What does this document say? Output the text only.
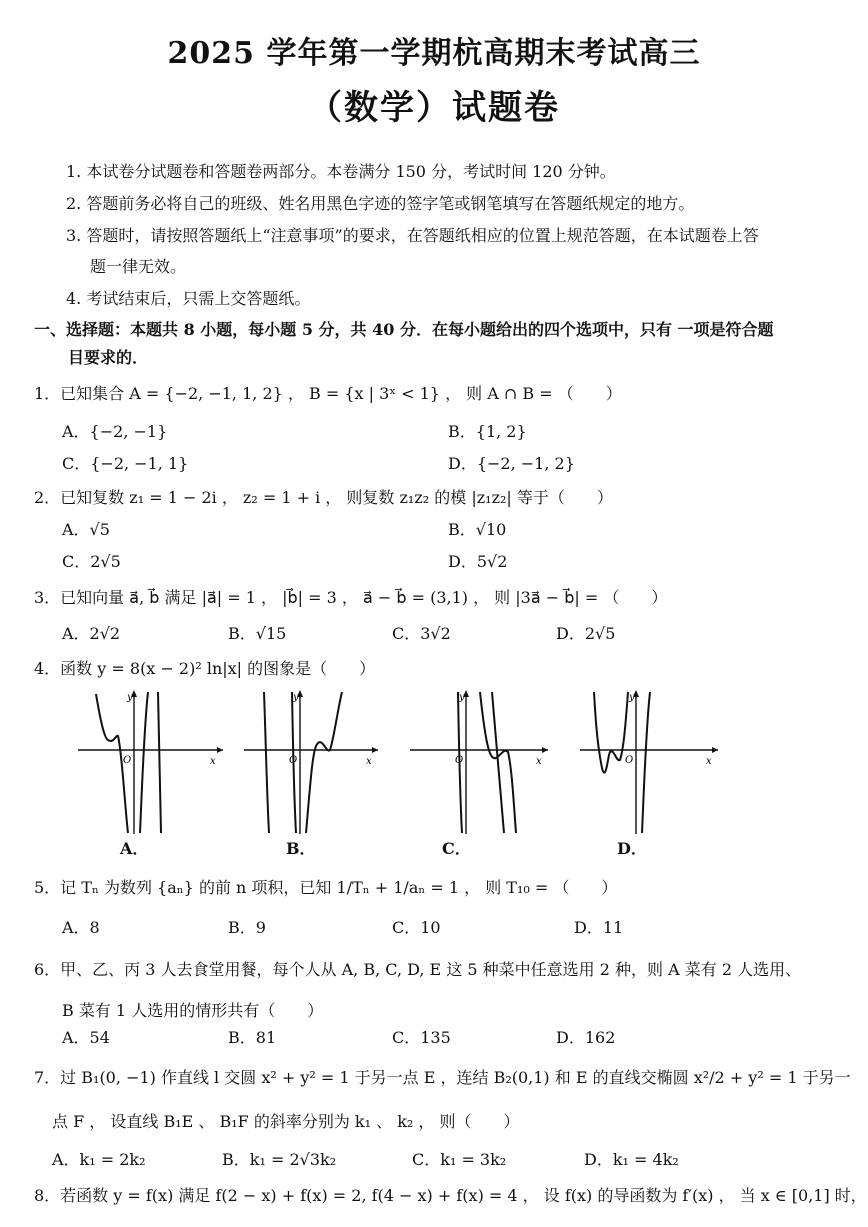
2025 学年第一学期杭高期末考试高三
（数学）试题卷
1. 本试卷分试题卷和答题卷两部分。本卷满分 150 分，考试时间 120 分钟。
2. 答题前务必将自己的班级、姓名用黑色字迹的签字笔或钢笔填写在答题纸规定的地方。
3. 答题时，请按照答题纸上“注意事项”的要求，在答题纸相应的位置上规范答题，在本试题卷上答
题一律无效。
4. 考试结束后，只需上交答题纸。
一、选择题：本题共 8 小题，每小题 5 分，共 40 分．在每小题给出的四个选项中，只有 一项是符合题
目要求的．
1．已知集合 A = {−2, −1, 1, 2} ， B = {x | 3ˣ < 1} ， 则 A ∩ B = （　　）
A．{−2, −1}	B．{1, 2}
C．{−2, −1, 1}	D．{−2, −1, 2}
2．已知复数 z₁ = 1 − 2i ， z₂ = 1 + i ， 则复数 z₁z₂ 的模 |z₁z₂| 等于（　　）
A．√5	B．√10
C．2√5	D．5√2
3．已知向量 a⃗, b⃗ 满足 |a⃗| = 1 ， |b⃗| = 3 ， a⃗ − b⃗ = (3,1) ， 则 |3a⃗ − b⃗| = （　　）
A．2√2	B．√15	C．3√2	D．2√5
4．函数 y = 8(x − 2)² ln|x| 的图象是（　　）
y
x
O
A．
y
x
O
B．
y
x
O
C．
y
x
O
D．
5．记 Tₙ 为数列 {aₙ} 的前 n 项积，已知 1/Tₙ + 1/aₙ = 1 ， 则 T₁₀ = （　　）
A．8	B．9	C．10	D．11
6．甲、乙、丙 3 人去食堂用餐，每个人从 A, B, C, D, E 这 5 种菜中任意选用 2 种，则 A 菜有 2 人选用、
B 菜有 1 人选用的情形共有（　　）
A．54	B．81	C．135	D．162
7．过 B₁(0, −1) 作直线 l 交圆 x² + y² = 1 于另一点 E ，连结 B₂(0,1) 和 E 的直线交椭圆 x²/2 + y² = 1 于另一
点 F ， 设直线 B₁E 、 B₁F 的斜率分别为 k₁ 、 k₂ ， 则（　　）
A．k₁ = 2k₂	B．k₁ = 2√3k₂	C．k₁ = 3k₂	D．k₁ = 4k₂
8．若函数 y = f(x) 满足 f(2 − x) + f(x) = 2, f(4 − x) + f(x) = 4 ， 设 f(x) 的导函数为 f′(x) ， 当 x ∈ [0,1] 时，
